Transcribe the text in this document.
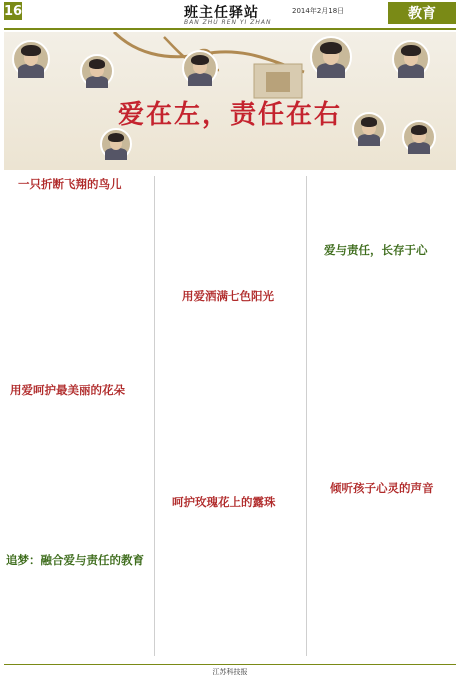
16	班主任驿站
BAN ZHU REN YI ZHAN
2014年2月18日	教育
爱在左，责任在右
一只折断飞翔的鸟儿
用爱呵护最美丽的花朵
追梦：融合爱与责任的教育
用爱洒满七色阳光
呵护玫瑰花上的露珠
爱与责任，长存于心
倾听孩子心灵的声音
江苏科技报
